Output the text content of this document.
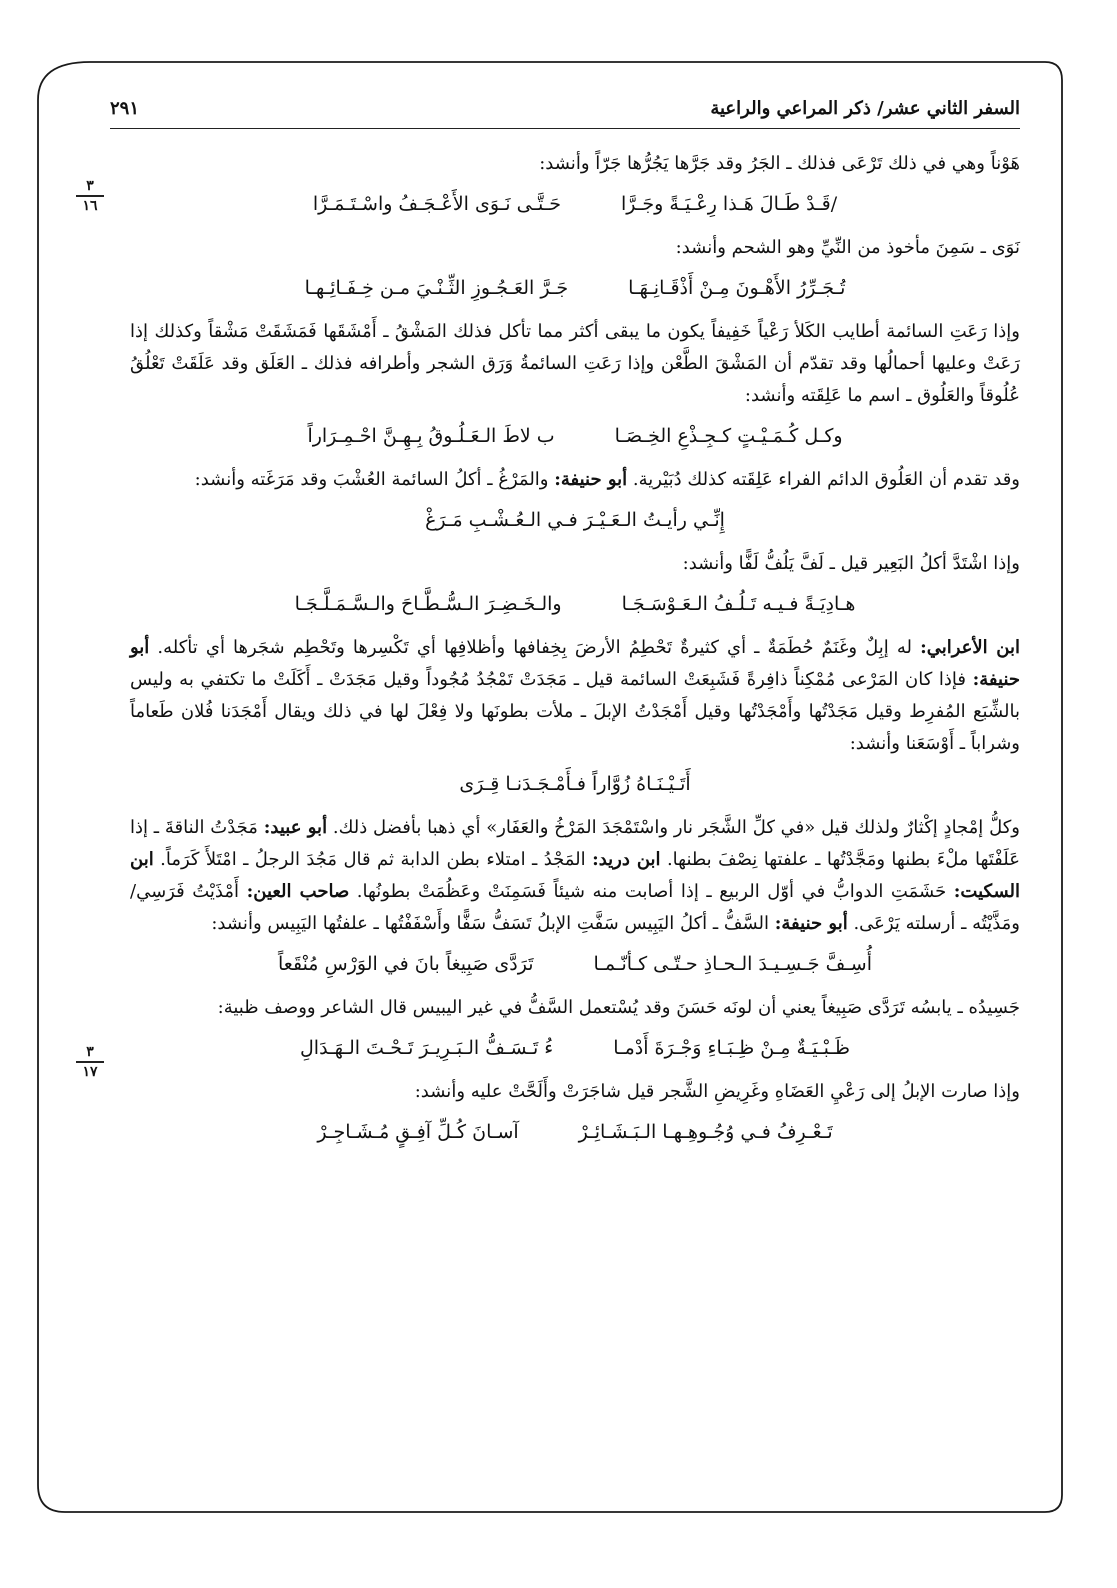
السفر الثاني عشر/ ذكر المراعي والراعية
٢٩١
٣
١٦
٣
١٧

هَوْناً وهي في ذلك تَرْعَى فذلك ـ الجَرُ وقد جَرَّها يَجُرُّها جَرّاً وأنشد:

/قَـدْ طَـالَ هَـذا رِعْـيَـةً وجَـرَّا
حَـتَّـى نَـوَى الأَعْـجَـفُ واسْـتَـمَـرَّا

نَوَى ـ سَمِنَ مأخوذ من النِّيِّ وهو الشحم وأنشد:

تُـجَـرِّرُ الأَهْـونَ مِـنْ أَذْقَـانِـهَـا
جَـرَّ العَـجُـوزِ الثِّـنْـيَ مـن خِـفَـائِـهـا

وإذا رَعَتِ السائمة أطايب الكَلأ رَعْياً خَفِيفاً يكون ما يبقى أكثر مما تأكل فذلك المَشْقُ ـ أَمْشَقَها فَمَشَقَتْ مَشْقاً وكذلك إذا رَعَتْ وعليها أحمالُها وقد تقدّم أن المَشْقَ الطَّعْن وإذا رَعَتِ السائمةُ وَرَق الشجر وأطرافه فذلك ـ العَلَق وقد عَلَقَتْ تَعْلُقُ عُلُوقاً والعَلُوق ـ اسم ما عَلِقَته وأنشد:

وكـل كُـمَـيْـتٍ كـجِـذْعِ الخِـصَـا
ب لاطَ الـعَـلُـوقُ بِـهِـنَّ احْـمِـرَاراً

وقد تقدم أن العَلُوق الدائم الفراء عَلِقَته كذلك دُبَيْرية. أبو حنيفة: والمَرْغُ ـ أكلُ السائمة العُشْبَ وقد مَرَغَته وأنشد:

إِنِّـي رأيـتُ الـعَـيْـرَ فـي الـعُـشْـبِ مَـرَغْ

وإذا اشْتَدَّ أكلُ البَعِير قيل ـ لَفَّ يَلُفُّ لَفًّا وأنشد:

هـادِيَـةً فـيـه تَـلُـفُ الـعَـوْسَـجَـا
والـخَـضِـرَ الـسُّـطَّـاحَ والـسَّـمَـلَّـجَـا

ابن الأعرابي: له إبِلٌ وغَنَمٌ حُطَمَةٌ ـ أي كثيرةٌ تَحْطِمُ الأرضَ بِخِفافها وأظلافِها أي تَكْسِرها وتَحْطِم شجَرها أي تأكله. أبو حنيفة: فإذا كان المَرْعى مُمْكِناً ذافِرةً فَشَبِعَتْ السائمة قيل ـ مَجَدَتْ تَمْجُدُ مُجُوداً وقيل مَجَدَتْ ـ أَكَلَتْ ما تكتفي به وليس بالشِّبَع المُفرِط وقيل مَجَدْتُها وأَمْجَدْتُها وقيل أَمْجَدْتُ الإبلَ ـ ملأت بطونَها ولا فِعْلَ لها في ذلك ويقال أَمْجَدَنا فُلان طَعاماً وشراباً ـ أَوْسَعَنا وأنشد:

أَتَـيْـنَـاهُ زُوَّاراً فـأَمْـجَـدَنـا قِـرَى

وكلُّ إمْجادٍ إكْثارٌ ولذلك قيل «في كلِّ الشَّجَر نار واسْتَمْجَدَ المَرْخُ والعَفَار» أي ذهبا بأفضل ذلك. أبو عبيد: مَجَدْتُ الناقةَ ـ إذا عَلَفْتَها ملْءَ بطنها ومَجَّدْتُها ـ علفتها نِصْفَ بطنها. ابن دريد: المَجْدُ ـ امتلاء بطن الدابة ثم قال مَجُدَ الرجلُ ـ امْتَلأَ كَرَماً. ابن السكيت: حَشَمَتِ الدوابُّ في أوّل الربيع ـ إذا أصابت منه شيئاً فَسَمِنَتْ وعَظُمَتْ بطونُها. صاحب العين: أَمْذَيْتُ فَرَسِي/ ومَذَّيْتُه ـ أرسلته يَرْعَى. أبو حنيفة: السَّفُّ ـ أكلُ اليَبِيس سَفَّتِ الإبلُ تَسَفُّ سَفًّا وأَسْفَفْتُها ـ علفتُها اليَبِيس وأنشد:

أُسِـفَّ جَـسِـيـدَ الـحـاذِ حـتّـى كـأنّـمـا
تَرَدَّى صَبِيغاً بانَ في الوَرْسِ مُنْقَعاً

جَسِيدُه ـ يابسُه تَرَدَّى صَبِيغاً يعني أن لونَه حَسَنَ وقد يُسْتعمل السَّفُّ في غير اليبيس قال الشاعر ووصف ظبية:

ظَـبْـيَـةٌ مِـنْ ظِـبَـاءِ وَجْـرَةَ أَدْمـا
ءُ تَـسَـفُّ الـبَـرِيـرَ تَـحْـتَ الـهَـدَالِ

وإذا صارت الإبلُ إلى رَعْيِ العَضَاهِ وغَرِيضِ الشَّجر قيل شاجَرَتْ وأَلَحَّتْ عليه وأنشد:

تَـعْـرِفُ فـي وُجُـوهِـهـا الـبَـشَـائِـرْ
آسـانَ كُـلِّ آفِـقٍ مُـشَـاجِـرْ
